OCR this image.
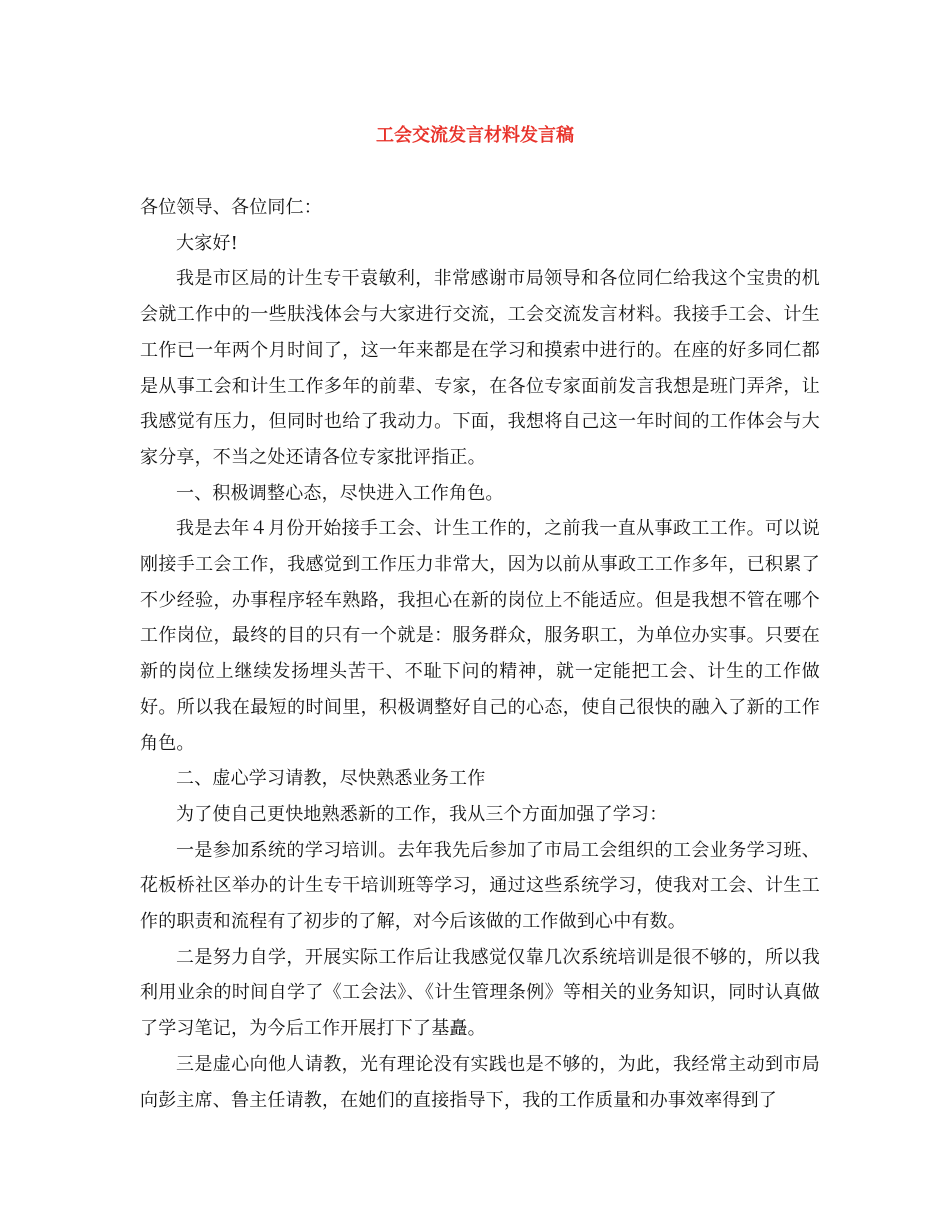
工会交流发言材料发言稿

各位领导、各位同仁：

大家好!

我是市区局的计生专干袁敏利，非常感谢市局领导和各位同仁给我这个宝贵的机会就工作中的一些肤浅体会与大家进行交流，工会交流发言材料。我接手工会、计生工作已一年两个月时间了，这一年来都是在学习和摸索中进行的。在座的好多同仁都是从事工会和计生工作多年的前辈、专家，在各位专家面前发言我想是班门弄斧，让我感觉有压力，但同时也给了我动力。下面，我想将自己这一年时间的工作体会与大家分享，不当之处还请各位专家批评指正。

一、积极调整心态，尽快进入工作角色。

我是去年４月份开始接手工会、计生工作的，之前我一直从事政工工作。可以说刚接手工会工作，我感觉到工作压力非常大，因为以前从事政工工作多年，已积累了不少经验，办事程序轻车熟路，我担心在新的岗位上不能适应。但是我想不管在哪个工作岗位，最终的目的只有一个就是：服务群众，服务职工，为单位办实事。只要在新的岗位上继续发扬埋头苦干、不耻下问的精神，就一定能把工会、计生的工作做好。所以我在最短的时间里，积极调整好自己的心态，使自己很快的融入了新的工作角色。

二、虚心学习请教，尽快熟悉业务工作

为了使自己更快地熟悉新的工作，我从三个方面加强了学习：

一是参加系统的学习培训。去年我先后参加了市局工会组织的工会业务学习班、花板桥社区举办的计生专干培训班等学习，通过这些系统学习，使我对工会、计生工作的职责和流程有了初步的了解，对今后该做的工作做到心中有数。

二是努力自学，开展实际工作后让我感觉仅靠几次系统培训是很不够的，所以我利用业余的时间自学了《工会法》、《计生管理条例》等相关的业务知识，同时认真做了学习笔记，为今后工作开展打下了基矗。

三是虚心向他人请教，光有理论没有实践也是不够的，为此，我经常主动到市局向彭主席、鲁主任请教，在她们的直接指导下，我的工作质量和办事效率得到了
